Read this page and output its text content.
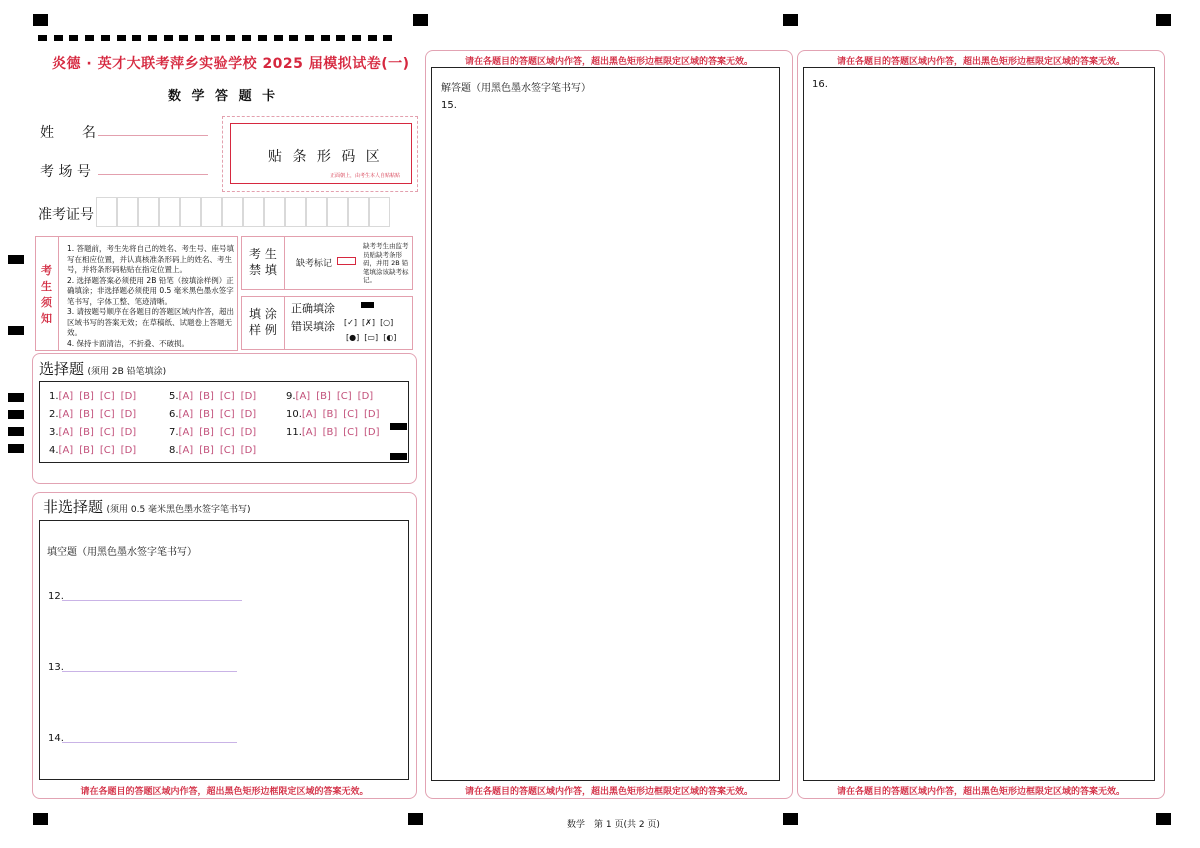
炎德 · 英才大联考萍乡实验学校 2025 届模拟试卷(一)
数 学 答 题 卡
姓　　名
考 场 号
准考证号
贴 条 形 码 区
正面朝上，由考生本人自贴粘贴
考
生
须
知
1. 答题前，考生先将自己的姓名、考生号、座号填写在相应位置，并认真核准条形码上的姓名、考生号，并将条形码粘贴在指定位置上。
2. 选择题答案必须使用 2B 铅笔（按填涂样例）正确填涂；非选择题必须使用 0.5 毫米黑色墨水签字笔书写，字体工整、笔迹清晰。
3. 请按题号顺序在各题目的答题区域内作答，超出区域书写的答案无效；在草稿纸、试题卷上答题无效。
4. 保持卡面清洁，不折叠、不破损。
考 生
禁 填 缺考标记
缺考考生由监考员贴缺考条形码，并用 2B 铅笔填涂该缺考标记。
填 涂
样 例
正确填涂
错误填涂 [✓]  [✗]  [○]
[●]  [▭]  [◐]
选择题 (须用 2B 铅笔填涂)
1.[A] [B] [C] [D]
2.[A] [B] [C] [D]
3.[A] [B] [C] [D]
4.[A] [B] [C] [D]
5.[A] [B] [C] [D]
6.[A] [B] [C] [D]
7.[A] [B] [C] [D]
8.[A] [B] [C] [D]
9.[A] [B] [C] [D]
10.[A] [B] [C] [D]
11.[A] [B] [C] [D]
非选择题 (须用 0.5 毫米黑色墨水签字笔书写)
填空题（用黑色墨水签字笔书写）
12.
13.
14.
请在各题目的答题区域内作答，超出黑色矩形边框限定区域的答案无效。
请在各题目的答题区域内作答，超出黑色矩形边框限定区域的答案无效。
解答题（用黑色墨水签字笔书写）
15.
请在各题目的答题区域内作答，超出黑色矩形边框限定区域的答案无效。
请在各题目的答题区域内作答，超出黑色矩形边框限定区域的答案无效。
16.
请在各题目的答题区域内作答，超出黑色矩形边框限定区域的答案无效。
数学　第 1 页(共 2 页)
